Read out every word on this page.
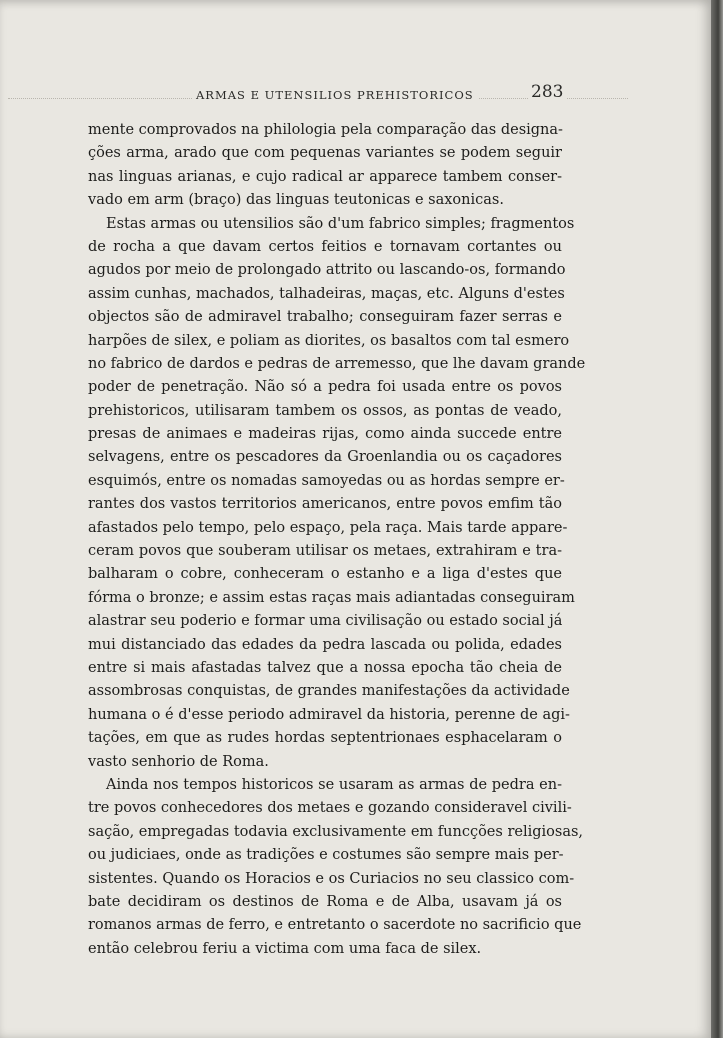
ARMAS E UTENSILIOS PREHISTORICOS	283
mente comprovados na philologia pela comparação das designa-
ções arma, arado que com pequenas variantes se podem seguir
nas linguas arianas, e cujo radical ar apparece tambem conser-
vado em arm (braço) das linguas teutonicas e saxonicas.
Estas armas ou utensilios são d'um fabrico simples; fragmentos
de rocha a que davam certos feitios e tornavam cortantes ou
agudos por meio de prolongado attrito ou lascando-os, formando
assim cunhas, machados, talhadeiras, maças, etc. Alguns d'estes
objectos são de admiravel trabalho; conseguiram fazer serras e
harpões de silex, e poliam as diorites, os basaltos com tal esmero
no fabrico de dardos e pedras de arremesso, que lhe davam grande
poder de penetração. Não só a pedra foi usada entre os povos
prehistoricos, utilisaram tambem os ossos, as pontas de veado,
presas de animaes e madeiras rijas, como ainda succede entre
selvagens, entre os pescadores da Groenlandia ou os caçadores
esquimós, entre os nomadas samoyedas ou as hordas sempre er-
rantes dos vastos territorios americanos, entre povos emfim tão
afastados pelo tempo, pelo espaço, pela raça. Mais tarde appare-
ceram povos que souberam utilisar os metaes, extrahiram e tra-
balharam o cobre, conheceram o estanho e a liga d'estes que
fórma o bronze; e assim estas raças mais adiantadas conseguiram
alastrar seu poderio e formar uma civilisação ou estado social já
mui distanciado das edades da pedra lascada ou polida, edades
entre si mais afastadas talvez que a nossa epocha tão cheia de
assombrosas conquistas, de grandes manifestações da actividade
humana o é d'esse periodo admiravel da historia, perenne de agi-
tações, em que as rudes hordas septentrionaes esphacelaram o
vasto senhorio de Roma.
Ainda nos tempos historicos se usaram as armas de pedra en-
tre povos conhecedores dos metaes e gozando consideravel civili-
sação, empregadas todavia exclusivamente em funcções religiosas,
ou judiciaes, onde as tradições e costumes são sempre mais per-
sistentes. Quando os Horacios e os Curiacios no seu classico com-
bate decidiram os destinos de Roma e de Alba, usavam já os
romanos armas de ferro, e entretanto o sacerdote no sacrificio que
então celebrou feriu a victima com uma faca de silex.
